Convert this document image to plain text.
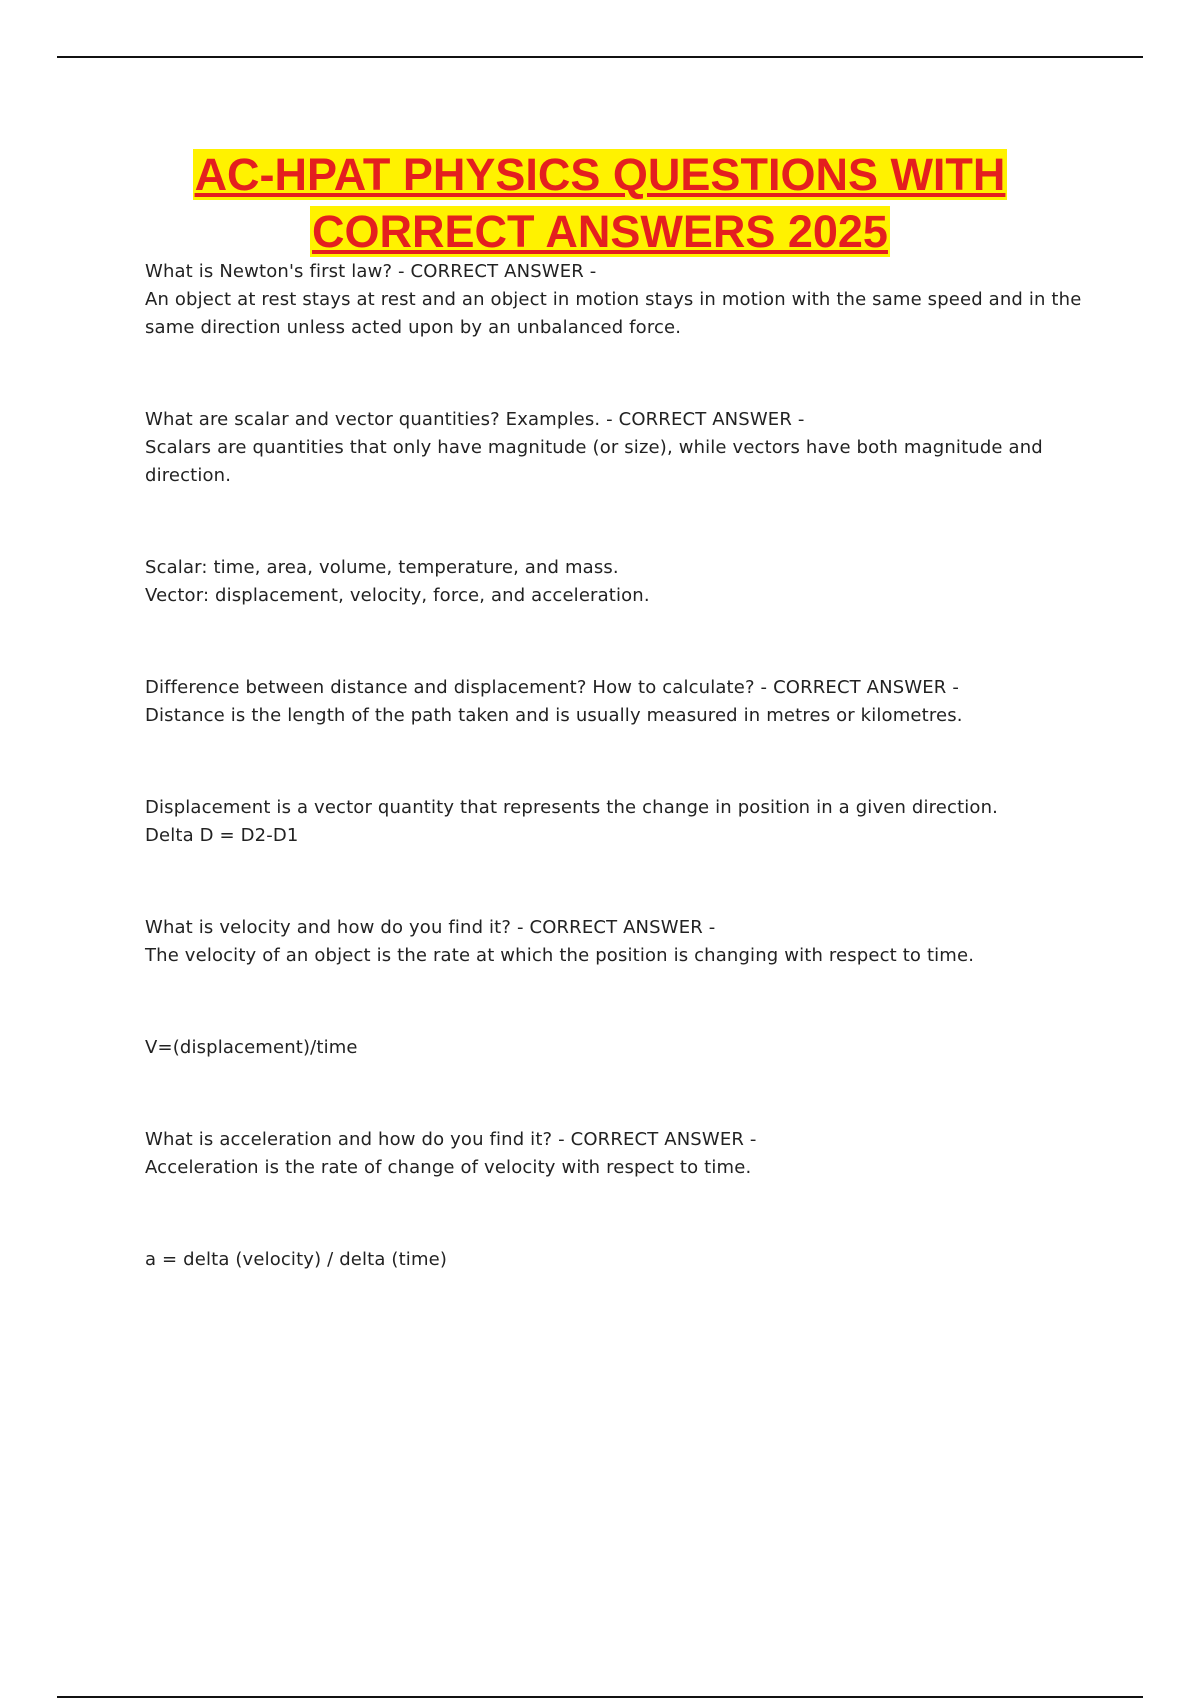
AC-HPAT PHYSICS QUESTIONS WITH
CORRECT ANSWERS 2025

What is Newton's first law? - CORRECT ANSWER -

An object at rest stays at rest and an object in motion stays in motion with the same speed and in the same direction unless acted upon by an unbalanced force.

What are scalar and vector quantities? Examples. - CORRECT ANSWER -

Scalars are quantities that only have magnitude (or size), while vectors have both magnitude and direction.

Scalar: time, area, volume, temperature, and mass.

Vector: displacement, velocity, force, and acceleration.

Difference between distance and displacement? How to calculate? - CORRECT ANSWER -

Distance is the length of the path taken and is usually measured in metres or kilometres.

Displacement is a vector quantity that represents the change in position in a given direction.

Delta D = D2-D1

What is velocity and how do you find it? - CORRECT ANSWER -

The velocity of an object is the rate at which the position is changing with respect to time.

V=(displacement)/time

What is acceleration and how do you find it? - CORRECT ANSWER -

Acceleration is the rate of change of velocity with respect to time.

a = delta (velocity) / delta (time)
